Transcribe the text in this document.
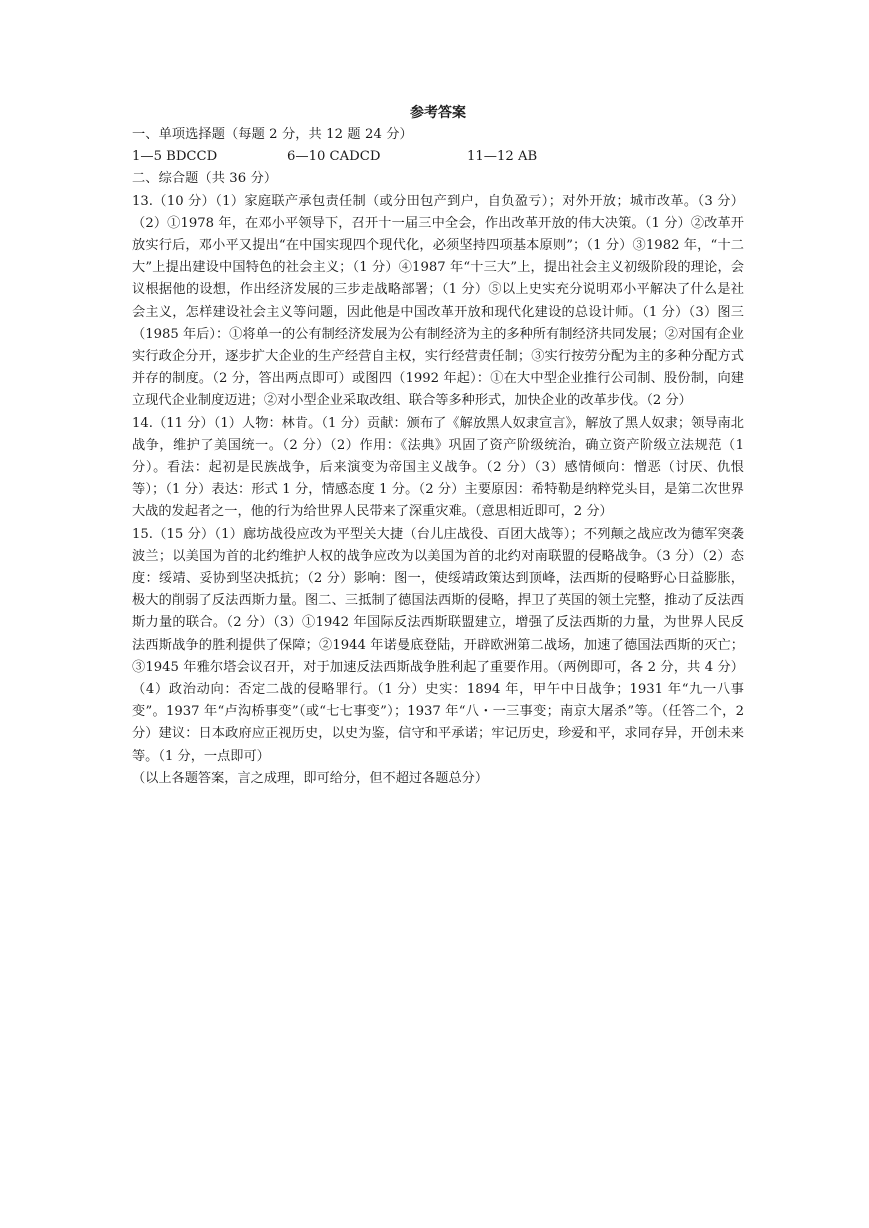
参考答案
一、单项选择题（每题 2 分，共 12 题 24 分）
1—5 BDCCD	6—10 CADCD	11—12 AB
二、综合题（共 36 分）

13.（10 分）（1）家庭联产承包责任制（或分田包产到户，自负盈亏）；对外开放；城市改革。（3 分）（2）①1978 年，在邓小平领导下，召开十一届三中全会，作出改革开放的伟大决策。（1 分）②改革开放实行后，邓小平又提出“在中国实现四个现代化，必须坚持四项基本原则”；（1 分）③1982 年，“十二大”上提出建设中国特色的社会主义；（1 分）④1987 年“十三大”上，提出社会主义初级阶段的理论，会议根据他的设想，作出经济发展的三步走战略部署；（1 分）⑤以上史实充分说明邓小平解决了什么是社会主义，怎样建设社会主义等问题，因此他是中国改革开放和现代化建设的总设计师。（1 分）（3）图三（1985 年后）：①将单一的公有制经济发展为公有制经济为主的多种所有制经济共同发展；②对国有企业实行政企分开，逐步扩大企业的生产经营自主权，实行经营责任制；③实行按劳分配为主的多种分配方式并存的制度。（2 分，答出两点即可）或图四（1992 年起）：①在大中型企业推行公司制、股份制，向建立现代企业制度迈进；②对小型企业采取改组、联合等多种形式，加快企业的改革步伐。（2 分）

14.（11 分）（1）人物：林肯。（1 分）贡献：颁布了《解放黑人奴隶宣言》，解放了黑人奴隶；领导南北战争，维护了美国统一。（2 分）（2）作用：《法典》巩固了资产阶级统治，确立资产阶级立法规范（1 分）。看法：起初是民族战争，后来演变为帝国主义战争。（2 分）（3）感情倾向：憎恶（讨厌、仇恨等）；（1 分）表达：形式 1 分，情感态度 1 分。（2 分）主要原因：希特勒是纳粹党头目，是第二次世界大战的发起者之一，他的行为给世界人民带来了深重灾难。（意思相近即可，2 分）

15.（15 分）（1）廊坊战役应改为平型关大捷（台儿庄战役、百团大战等）；不列颠之战应改为德军突袭波兰；以美国为首的北约维护人权的战争应改为以美国为首的北约对南联盟的侵略战争。（3 分）（2）态度：绥靖、妥协到坚决抵抗；（2 分）影响：图一，使绥靖政策达到顶峰，法西斯的侵略野心日益膨胀，极大的削弱了反法西斯力量。图二、三抵制了德国法西斯的侵略，捍卫了英国的领土完整，推动了反法西斯力量的联合。（2 分）（3）①1942 年国际反法西斯联盟建立，增强了反法西斯的力量，为世界人民反法西斯战争的胜利提供了保障；②1944 年诺曼底登陆，开辟欧洲第二战场，加速了德国法西斯的灭亡；③1945 年雅尔塔会议召开，对于加速反法西斯战争胜利起了重要作用。（两例即可，各 2 分，共 4 分）（4）政治动向：否定二战的侵略罪行。（1 分）史实：1894 年，甲午中日战争；1931 年“九一八事变”。1937 年“卢沟桥事变”（或“七七事变”）；1937 年“八・一三事变；南京大屠杀”等。（任答二个，2 分）建议：日本政府应正视历史，以史为鉴，信守和平承诺；牢记历史，珍爱和平，求同存异，开创未来等。（1 分，一点即可）

（以上各题答案，言之成理，即可给分，但不超过各题总分）
